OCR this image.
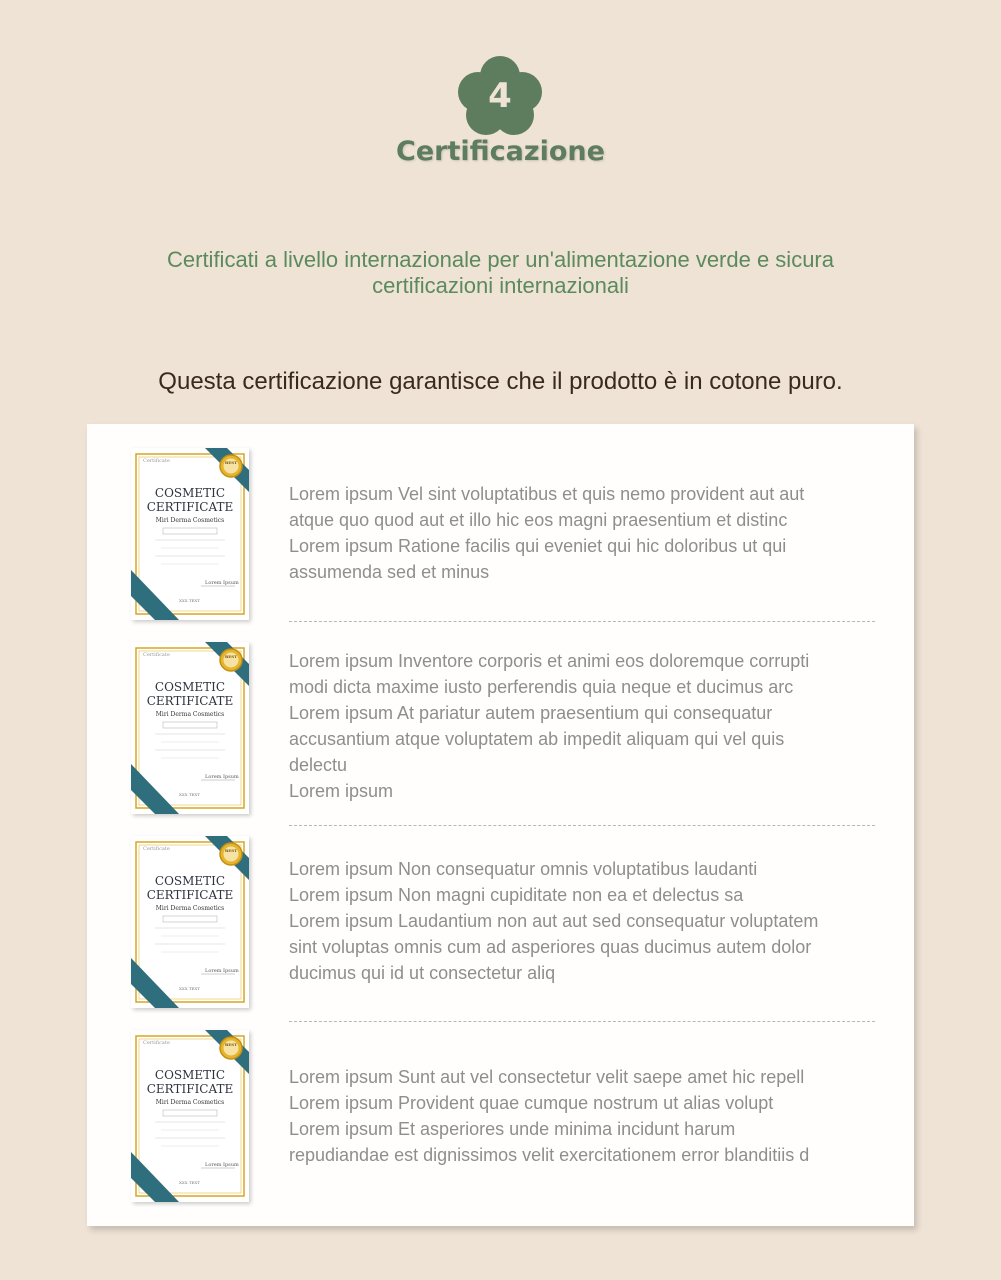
4
Certificazione
Certificati a livello internazionale per un'alimentazione verde e sicura
certificazioni internazionali
Questa certificazione garantisce che il prodotto è in cotone puro.
Certificate	BEST
COSMETIC
CERTIFICATE
Miri Derma Cosmetics
Lorem Ipsum
XXX TEXT
Lorem ipsum Vel sint voluptatibus et quis nemo provident aut aut
atque quo quod aut et illo hic eos magni praesentium et distinc
Lorem ipsum Ratione facilis qui eveniet qui hic doloribus ut qui
assumenda sed et minus
Certificate	BEST
COSMETIC
CERTIFICATE
Miri Derma Cosmetics
Lorem Ipsum
XXX TEXT
Lorem ipsum Inventore corporis et animi eos doloremque corrupti
modi dicta maxime iusto perferendis quia neque et ducimus arc
Lorem ipsum At pariatur autem praesentium qui consequatur
accusantium atque voluptatem ab impedit aliquam qui vel quis
delectu
Lorem ipsum
Certificate	BEST
COSMETIC
CERTIFICATE
Miri Derma Cosmetics
Lorem Ipsum
XXX TEXT
Lorem ipsum Non consequatur omnis voluptatibus laudanti
Lorem ipsum Non magni cupiditate non ea et delectus sa
Lorem ipsum Laudantium non aut aut sed consequatur voluptatem
sint voluptas omnis cum ad asperiores quas ducimus autem dolor
ducimus qui id ut consectetur aliq
Certificate	BEST
COSMETIC
CERTIFICATE
Miri Derma Cosmetics
Lorem Ipsum
XXX TEXT
Lorem ipsum Sunt aut vel consectetur velit saepe amet hic repell
Lorem ipsum Provident quae cumque nostrum ut alias volupt
Lorem ipsum Et asperiores unde minima incidunt harum
repudiandae est dignissimos velit exercitationem error blanditiis d
